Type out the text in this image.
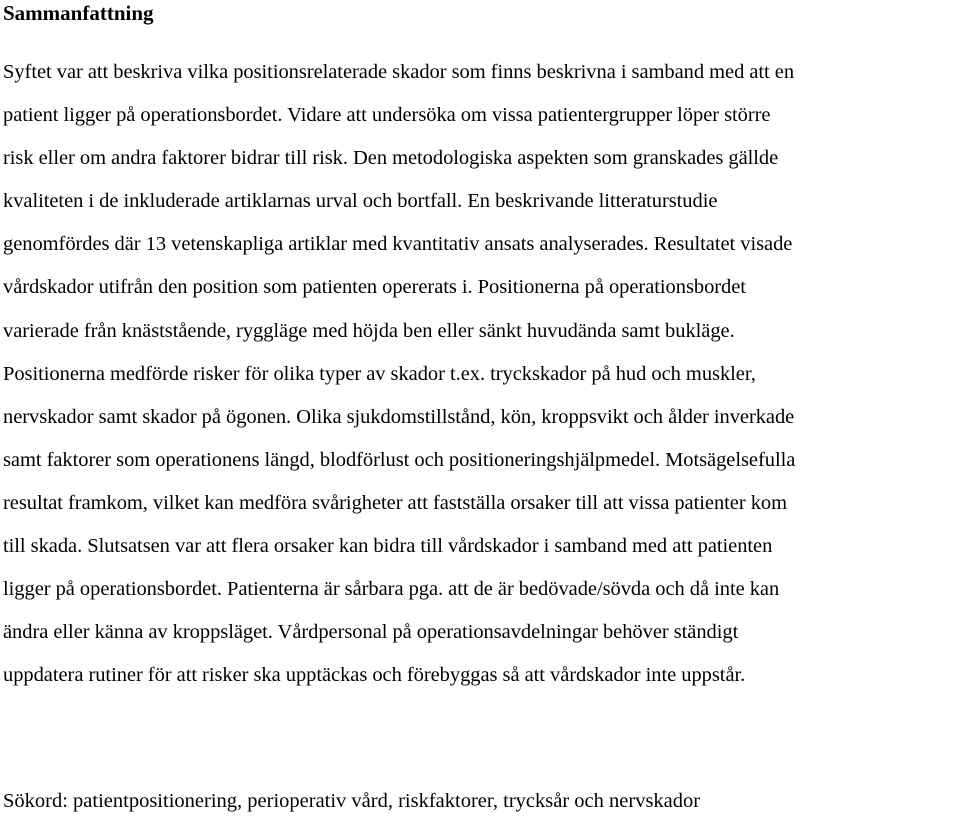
Sammanfattning

Syftet var att beskriva vilka positionsrelaterade skador som finns beskrivna i samband med att en
patient ligger på operationsbordet. Vidare att undersöka om vissa patientergrupper löper större
risk eller om andra faktorer bidrar till risk. Den metodologiska aspekten som granskades gällde
kvaliteten i de inkluderade artiklarnas urval och bortfall. En beskrivande litteraturstudie
genomfördes där 13 vetenskapliga artiklar med kvantitativ ansats analyserades. Resultatet visade
vårdskador utifrån den position som patienten opererats i. Positionerna på operationsbordet
varierade från knäststående, ryggläge med höjda ben eller sänkt huvudända samt bukläge.
Positionerna medförde risker för olika typer av skador t.ex. tryckskador på hud och muskler,
nervskador samt skador på ögonen. Olika sjukdomstillstånd, kön, kroppsvikt och ålder inverkade
samt faktorer som operationens längd, blodförlust och positioneringshjälpmedel. Motsägelsefulla
resultat framkom, vilket kan medföra svårigheter att fastställa orsaker till att vissa patienter kom
till skada. Slutsatsen var att flera orsaker kan bidra till vårdskador i samband med att patienten
ligger på operationsbordet. Patienterna är sårbara pga. att de är bedövade/sövda och då inte kan
ändra eller känna av kroppsläget. Vårdpersonal på operationsavdelningar behöver ständigt
uppdatera rutiner för att risker ska upptäckas och förebyggas så att vårdskador inte uppstår.

Sökord: patientpositionering, perioperativ vård, riskfaktorer, trycksår och nervskador
